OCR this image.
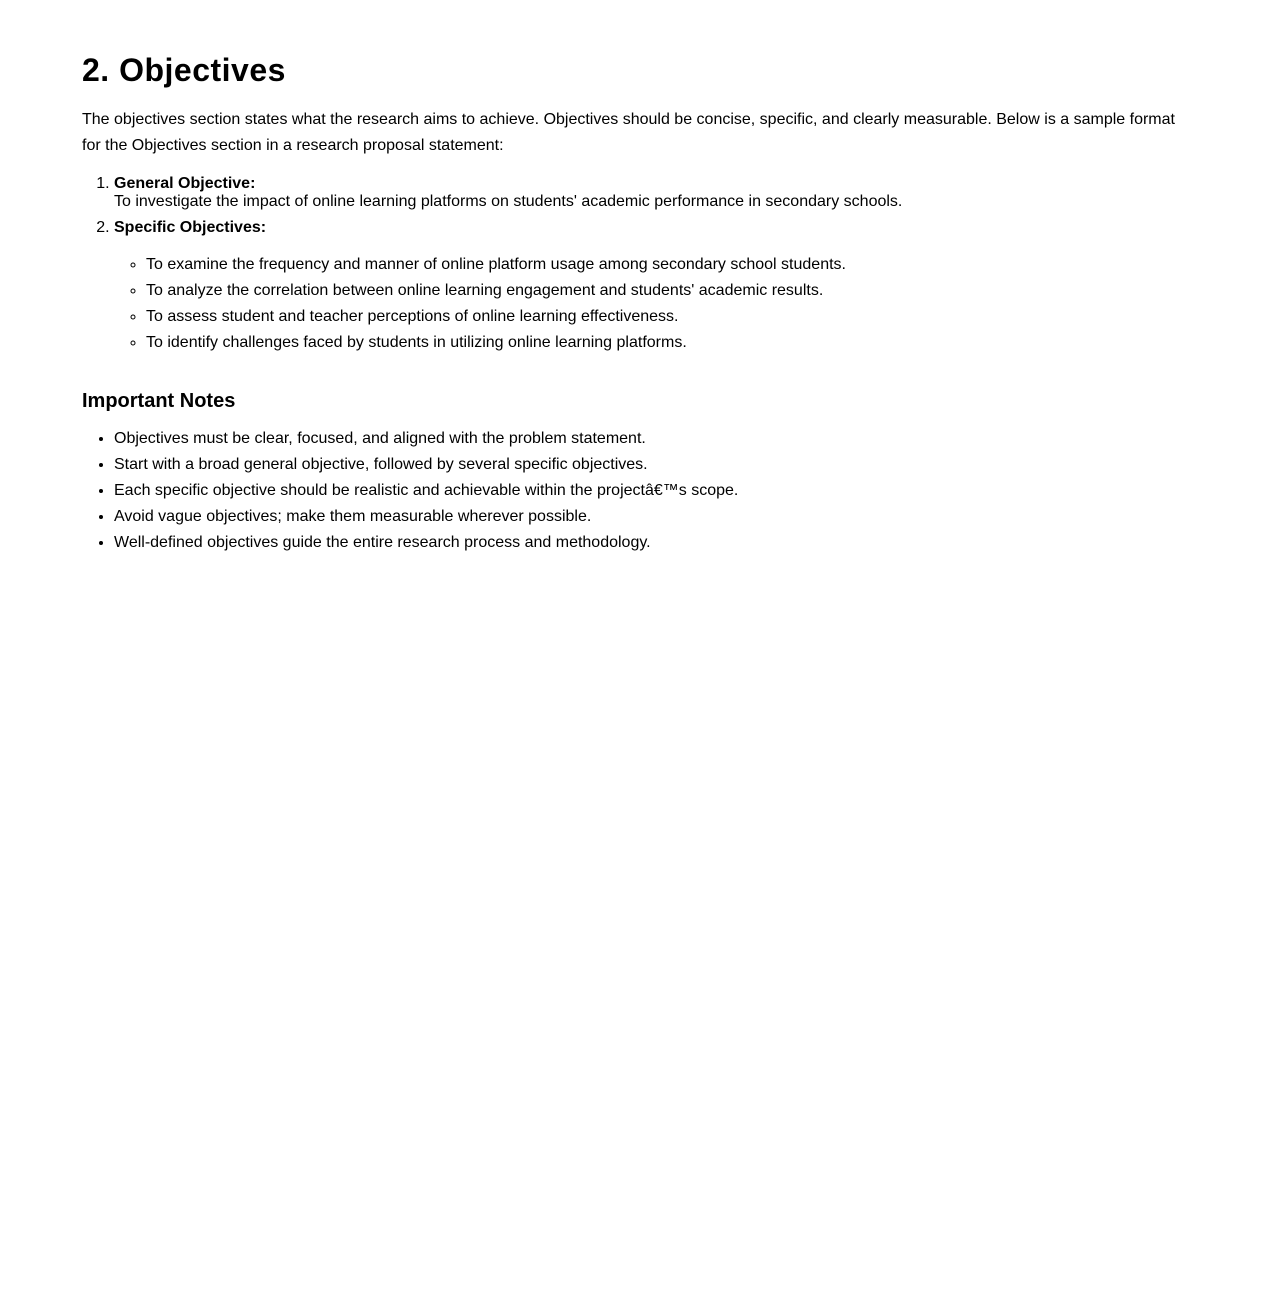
2. Objectives

The objectives section states what the research aims to achieve. Objectives should be concise, specific, and clearly measurable. Below is a sample format for the Objectives section in a research proposal statement:

1. General Objective:
To investigate the impact of online learning platforms on students' academic performance in secondary schools.
2. Specific Objectives:
◦ To examine the frequency and manner of online platform usage among secondary school students.
◦ To analyze the correlation between online learning engagement and students' academic results.
◦ To assess student and teacher perceptions of online learning effectiveness.
◦ To identify challenges faced by students in utilizing online learning platforms.
Important Notes
• Objectives must be clear, focused, and aligned with the problem statement.
• Start with a broad general objective, followed by several specific objectives.
• Each specific objective should be realistic and achievable within the projectâ€™s scope.
• Avoid vague objectives; make them measurable wherever possible.
• Well-defined objectives guide the entire research process and methodology.
